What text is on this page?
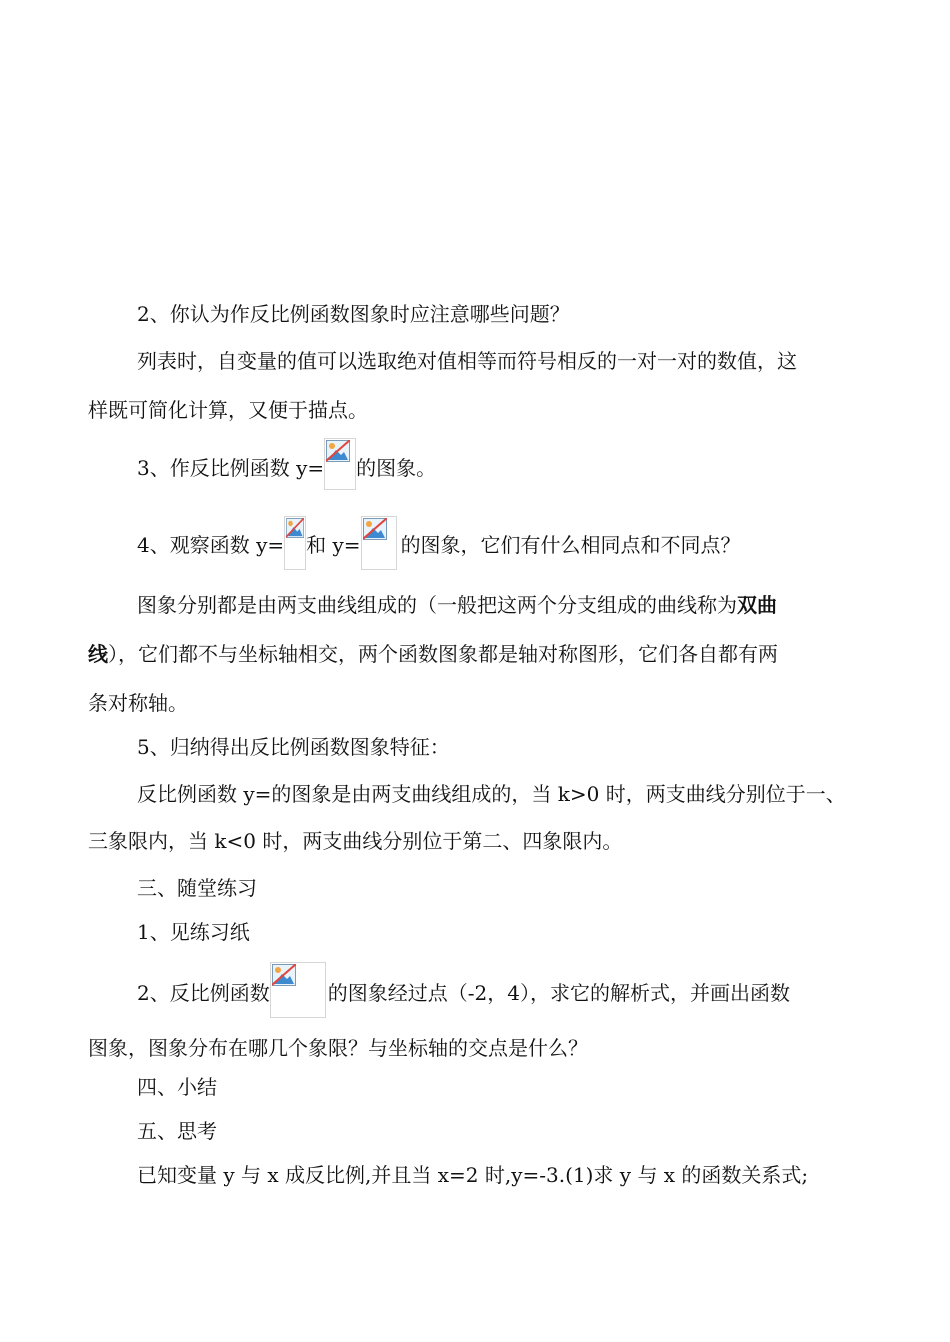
2、你认为作反比例函数图象时应注意哪些问题？
列表时，自变量的值可以选取绝对值相等而符号相反的一对一对的数值，这
样既可简化计算，又便于描点。
3、作反比例函数 y= 的图象。
4、观察函数 y= 和 y= 的图象，它们有什么相同点和不同点？
图象分别都是由两支曲线组成的（一般把这两个分支组成的曲线称为双曲
线），它们都不与坐标轴相交，两个函数图象都是轴对称图形，它们各自都有两
条对称轴。
5、归纳得出反比例函数图象特征：
反比例函数 y=的图象是由两支曲线组成的，当 k>0 时，两支曲线分别位于一、
三象限内，当 k<0 时，两支曲线分别位于第二、四象限内。
三、随堂练习
1、见练习纸
2、反比例函数	的图象经过点（-2，4），求它的解析式，并画出函数
图象，图象分布在哪几个象限？与坐标轴的交点是什么？
四、小结
五、思考
已知变量 y 与 x 成反比例,并且当 x=2 时,y=-3.(1)求 y 与 x 的函数关系式;
